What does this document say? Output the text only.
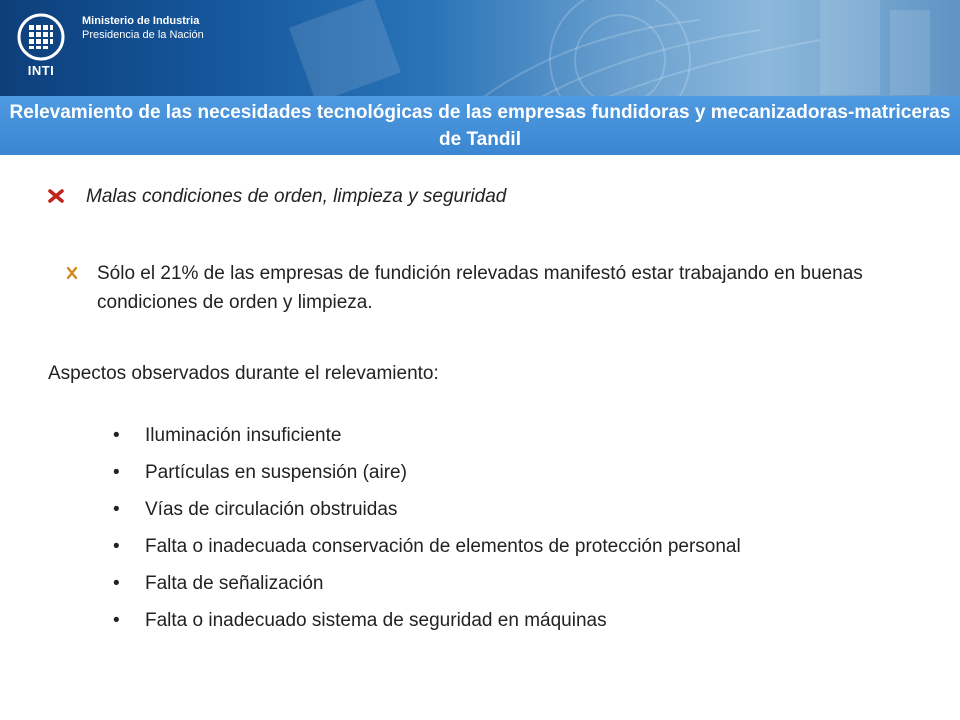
INTI
Ministerio de Industria
Presidencia de la Nación
Relevamiento de las necesidades tecnológicas de las empresas fundidoras y mecanizadoras-matriceras de Tandil
Malas condiciones de orden, limpieza y seguridad
Sólo el 21% de las empresas de fundición relevadas manifestó estar trabajando en buenas condiciones de orden y limpieza.
Aspectos observados durante el relevamiento:
• Iluminación insuficiente
• Partículas en suspensión (aire)
• Vías de circulación obstruidas
• Falta o inadecuada conservación de elementos de protección personal
• Falta de señalización
• Falta o inadecuado sistema de seguridad en máquinas
